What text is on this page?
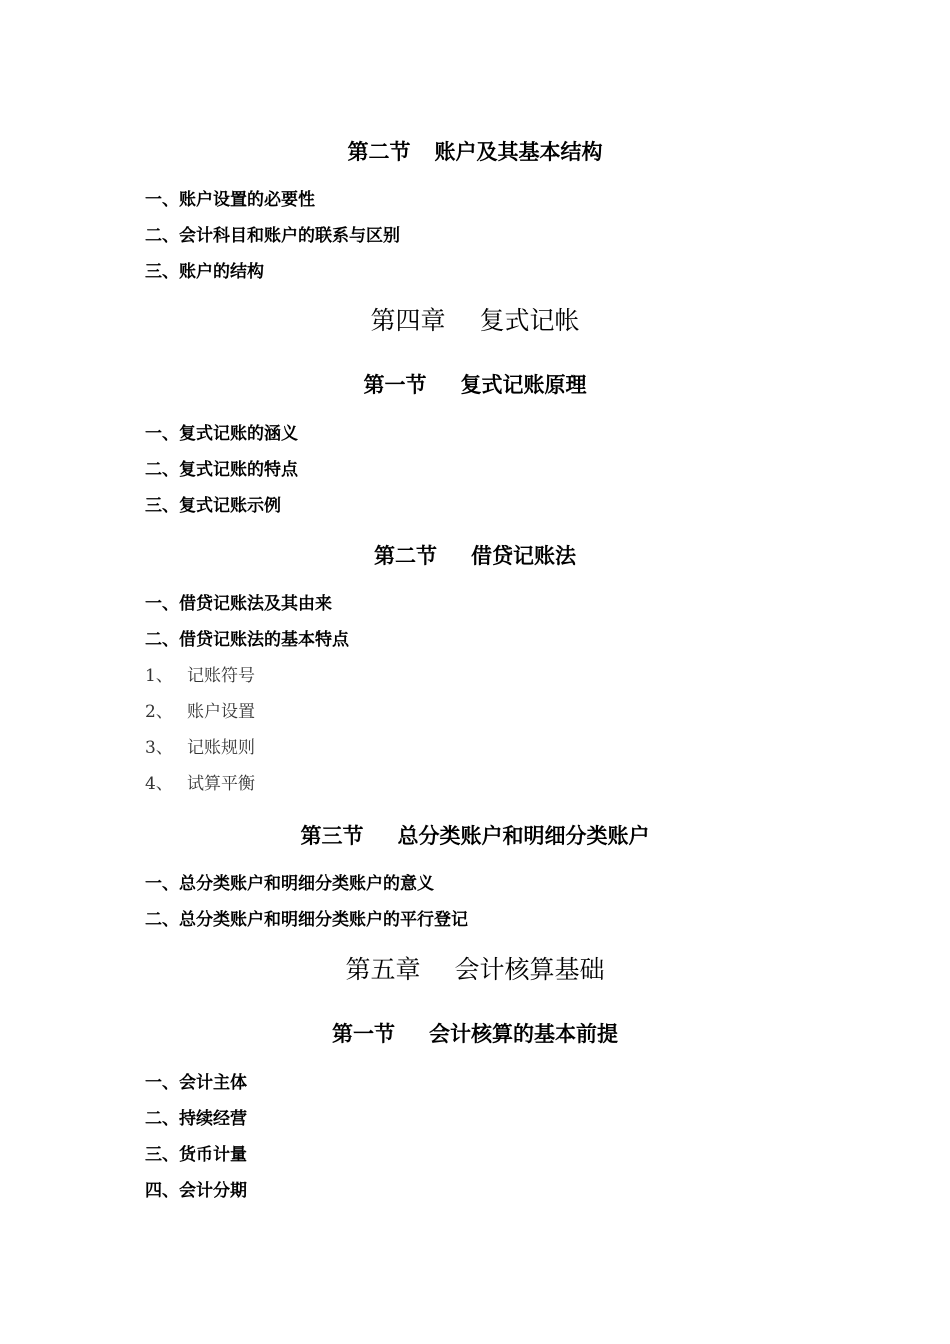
第二节 账户及其基本结构
一、账户设置的必要性
二、会计科目和账户的联系与区别
三、账户的结构
第四章 复式记帐
第一节 复式记账原理
一、复式记账的涵义
二、复式记账的特点
三、复式记账示例
第二节 借贷记账法
一、借贷记账法及其由来
二、借贷记账法的基本特点
1、 记账符号
2、 账户设置
3、 记账规则
4、 试算平衡
第三节 总分类账户和明细分类账户
一、总分类账户和明细分类账户的意义
二、总分类账户和明细分类账户的平行登记
第五章 会计核算基础
第一节 会计核算的基本前提
一、会计主体
二、持续经营
三、货币计量
四、会计分期
